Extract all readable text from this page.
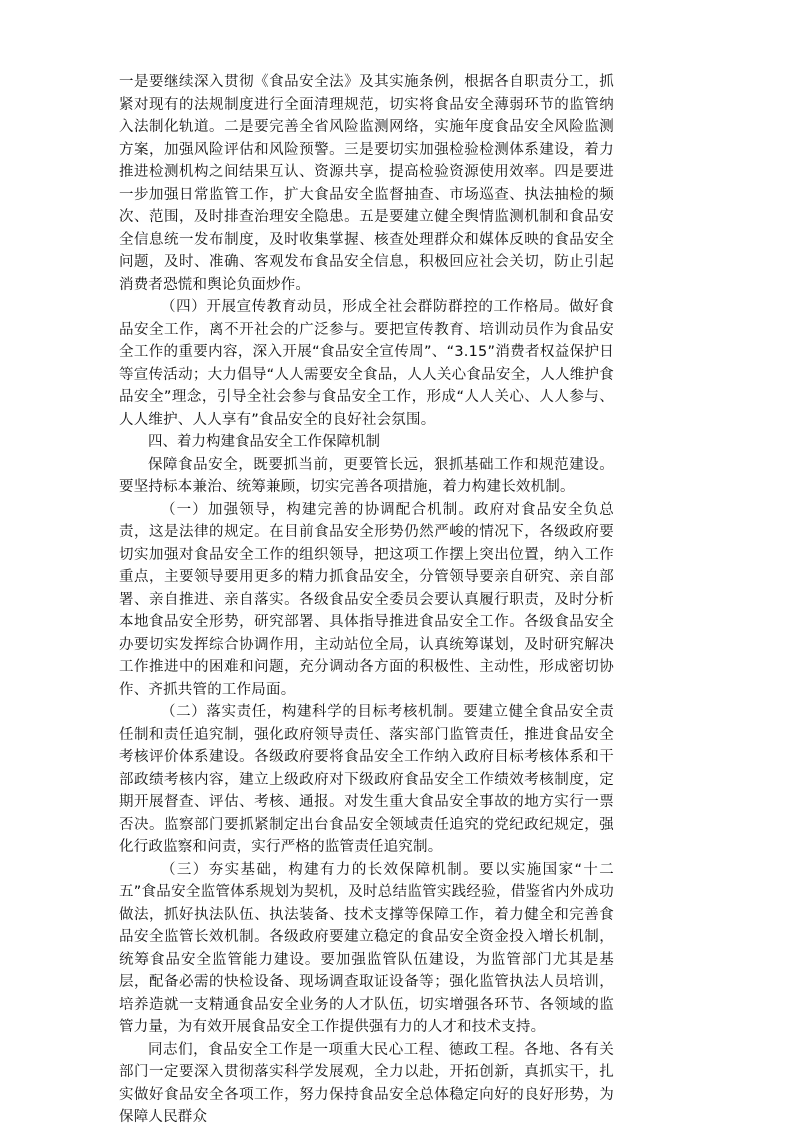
一是要继续深入贯彻《食品安全法》及其实施条例，根据各自职责分工，抓紧对现有的法规制度进行全面清理规范，切实将食品安全薄弱环节的监管纳入法制化轨道。二是要完善全省风险监测网络，实施年度食品安全风险监测方案，加强风险评估和风险预警。三是要切实加强检验检测体系建设，着力推进检测机构之间结果互认、资源共享，提高检验资源使用效率。四是要进一步加强日常监管工作，扩大食品安全监督抽查、市场巡查、执法抽检的频次、范围，及时排查治理安全隐患。五是要建立健全舆情监测机制和食品安全信息统一发布制度，及时收集掌握、核查处理群众和媒体反映的食品安全问题，及时、准确、客观发布食品安全信息，积极回应社会关切，防止引起消费者恐慌和舆论负面炒作。

（四）开展宣传教育动员，形成全社会群防群控的工作格局。做好食品安全工作，离不开社会的广泛参与。要把宣传教育、培训动员作为食品安全工作的重要内容，深入开展“食品安全宣传周”、“3.15”消费者权益保护日等宣传活动；大力倡导“人人需要安全食品，人人关心食品安全，人人维护食品安全”理念，引导全社会参与食品安全工作，形成“人人关心、人人参与、人人维护、人人享有”食品安全的良好社会氛围。

四、着力构建食品安全工作保障机制

保障食品安全，既要抓当前，更要管长远，狠抓基础工作和规范建设。要坚持标本兼治、统筹兼顾，切实完善各项措施，着力构建长效机制。

（一）加强领导，构建完善的协调配合机制。政府对食品安全负总责，这是法律的规定。在目前食品安全形势仍然严峻的情况下，各级政府要切实加强对食品安全工作的组织领导，把这项工作摆上突出位置，纳入工作重点，主要领导要用更多的精力抓食品安全，分管领导要亲自研究、亲自部署、亲自推进、亲自落实。各级食品安全委员会要认真履行职责，及时分析本地食品安全形势，研究部署、具体指导推进食品安全工作。各级食品安全办要切实发挥综合协调作用，主动站位全局，认真统筹谋划，及时研究解决工作推进中的困难和问题，充分调动各方面的积极性、主动性，形成密切协作、齐抓共管的工作局面。

（二）落实责任，构建科学的目标考核机制。要建立健全食品安全责任制和责任追究制，强化政府领导责任、落实部门监管责任，推进食品安全考核评价体系建设。各级政府要将食品安全工作纳入政府目标考核体系和干部政绩考核内容，建立上级政府对下级政府食品安全工作绩效考核制度，定期开展督查、评估、考核、通报。对发生重大食品安全事故的地方实行一票否决。监察部门要抓紧制定出台食品安全领域责任追究的党纪政纪规定，强化行政监察和问责，实行严格的监管责任追究制。

（三）夯实基础，构建有力的长效保障机制。要以实施国家“十二五”食品安全监管体系规划为契机，及时总结监管实践经验，借鉴省内外成功做法，抓好执法队伍、执法装备、技术支撑等保障工作，着力健全和完善食品安全监管长效机制。各级政府要建立稳定的食品安全资金投入增长机制，统筹食品安全监管能力建设。要加强监管队伍建设，为监管部门尤其是基层，配备必需的快检设备、现场调查取证设备等；强化监管执法人员培训，培养造就一支精通食品安全业务的人才队伍，切实增强各环节、各领域的监管力量，为有效开展食品安全工作提供强有力的人才和技术支持。

同志们，食品安全工作是一项重大民心工程、德政工程。各地、各有关部门一定要深入贯彻落实科学发展观，全力以赴，开拓创新，真抓实干，扎实做好食品安全各项工作，努力保持食品安全总体稳定向好的良好形势，为保障人民群众
